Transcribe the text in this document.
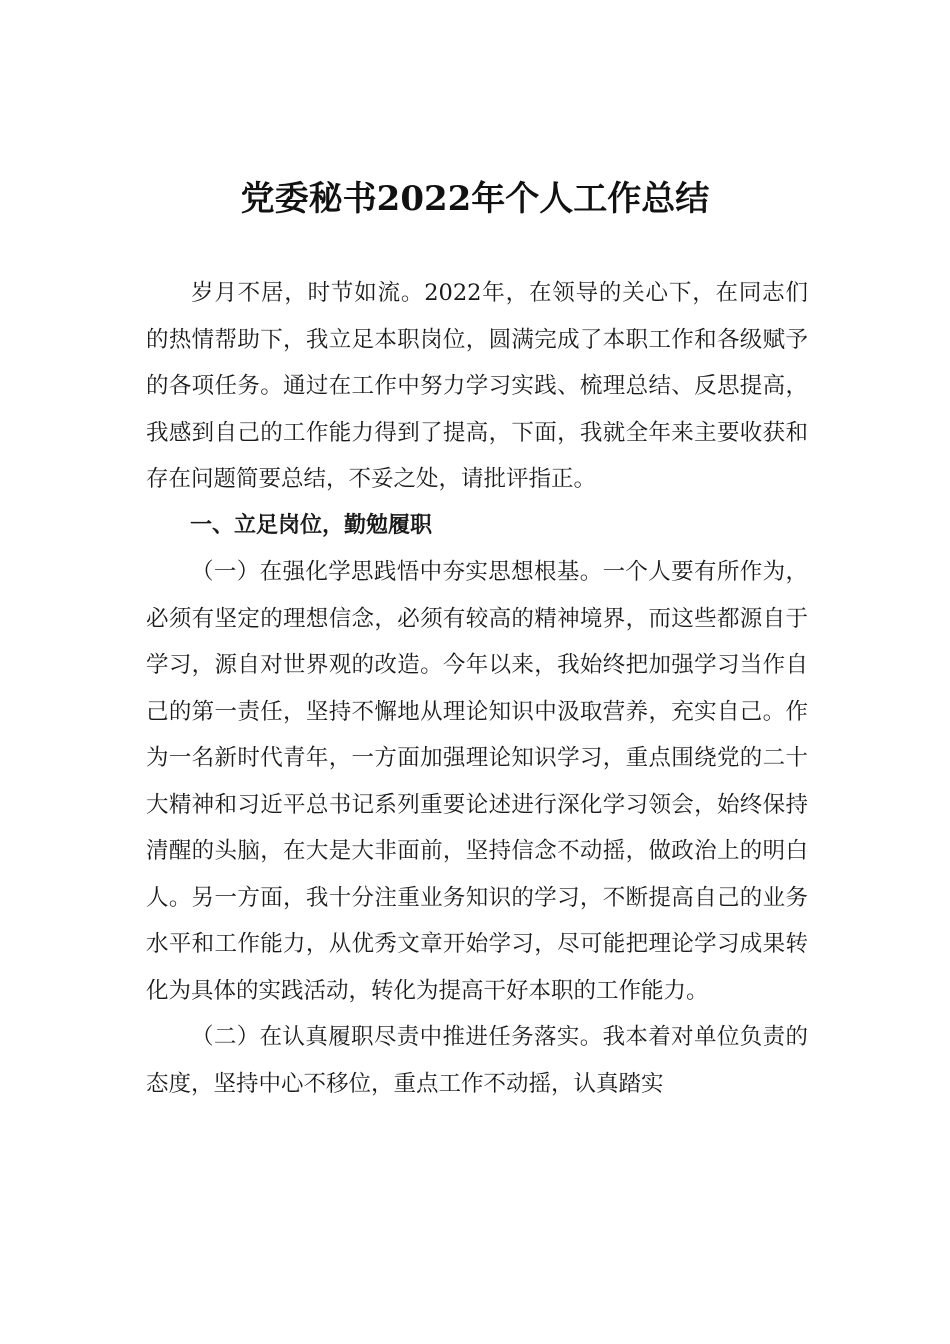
党委秘书2022年个人工作总结

岁月不居，时节如流。2022年，在领导的关心下，在同志们的热情帮助下，我立足本职岗位，圆满完成了本职工作和各级赋予的各项任务。通过在工作中努力学习实践、梳理总结、反思提高，我感到自己的工作能力得到了提高，下面，我就全年来主要收获和存在问题简要总结，不妥之处，请批评指正。

一、立足岗位，勤勉履职

（一）在强化学思践悟中夯实思想根基。一个人要有所作为，必须有坚定的理想信念，必须有较高的精神境界，而这些都源自于学习，源自对世界观的改造。今年以来，我始终把加强学习当作自己的第一责任，坚持不懈地从理论知识中汲取营养，充实自己。作为一名新时代青年，一方面加强理论知识学习，重点围绕党的二十大精神和习近平总书记系列重要论述进行深化学习领会，始终保持清醒的头脑，在大是大非面前，坚持信念不动摇，做政治上的明白人。另一方面，我十分注重业务知识的学习，不断提高自己的业务水平和工作能力，从优秀文章开始学习，尽可能把理论学习成果转化为具体的实践活动，转化为提高干好本职的工作能力。

（二）在认真履职尽责中推进任务落实。我本着对单位负责的态度，坚持中心不移位，重点工作不动摇，认真踏实
